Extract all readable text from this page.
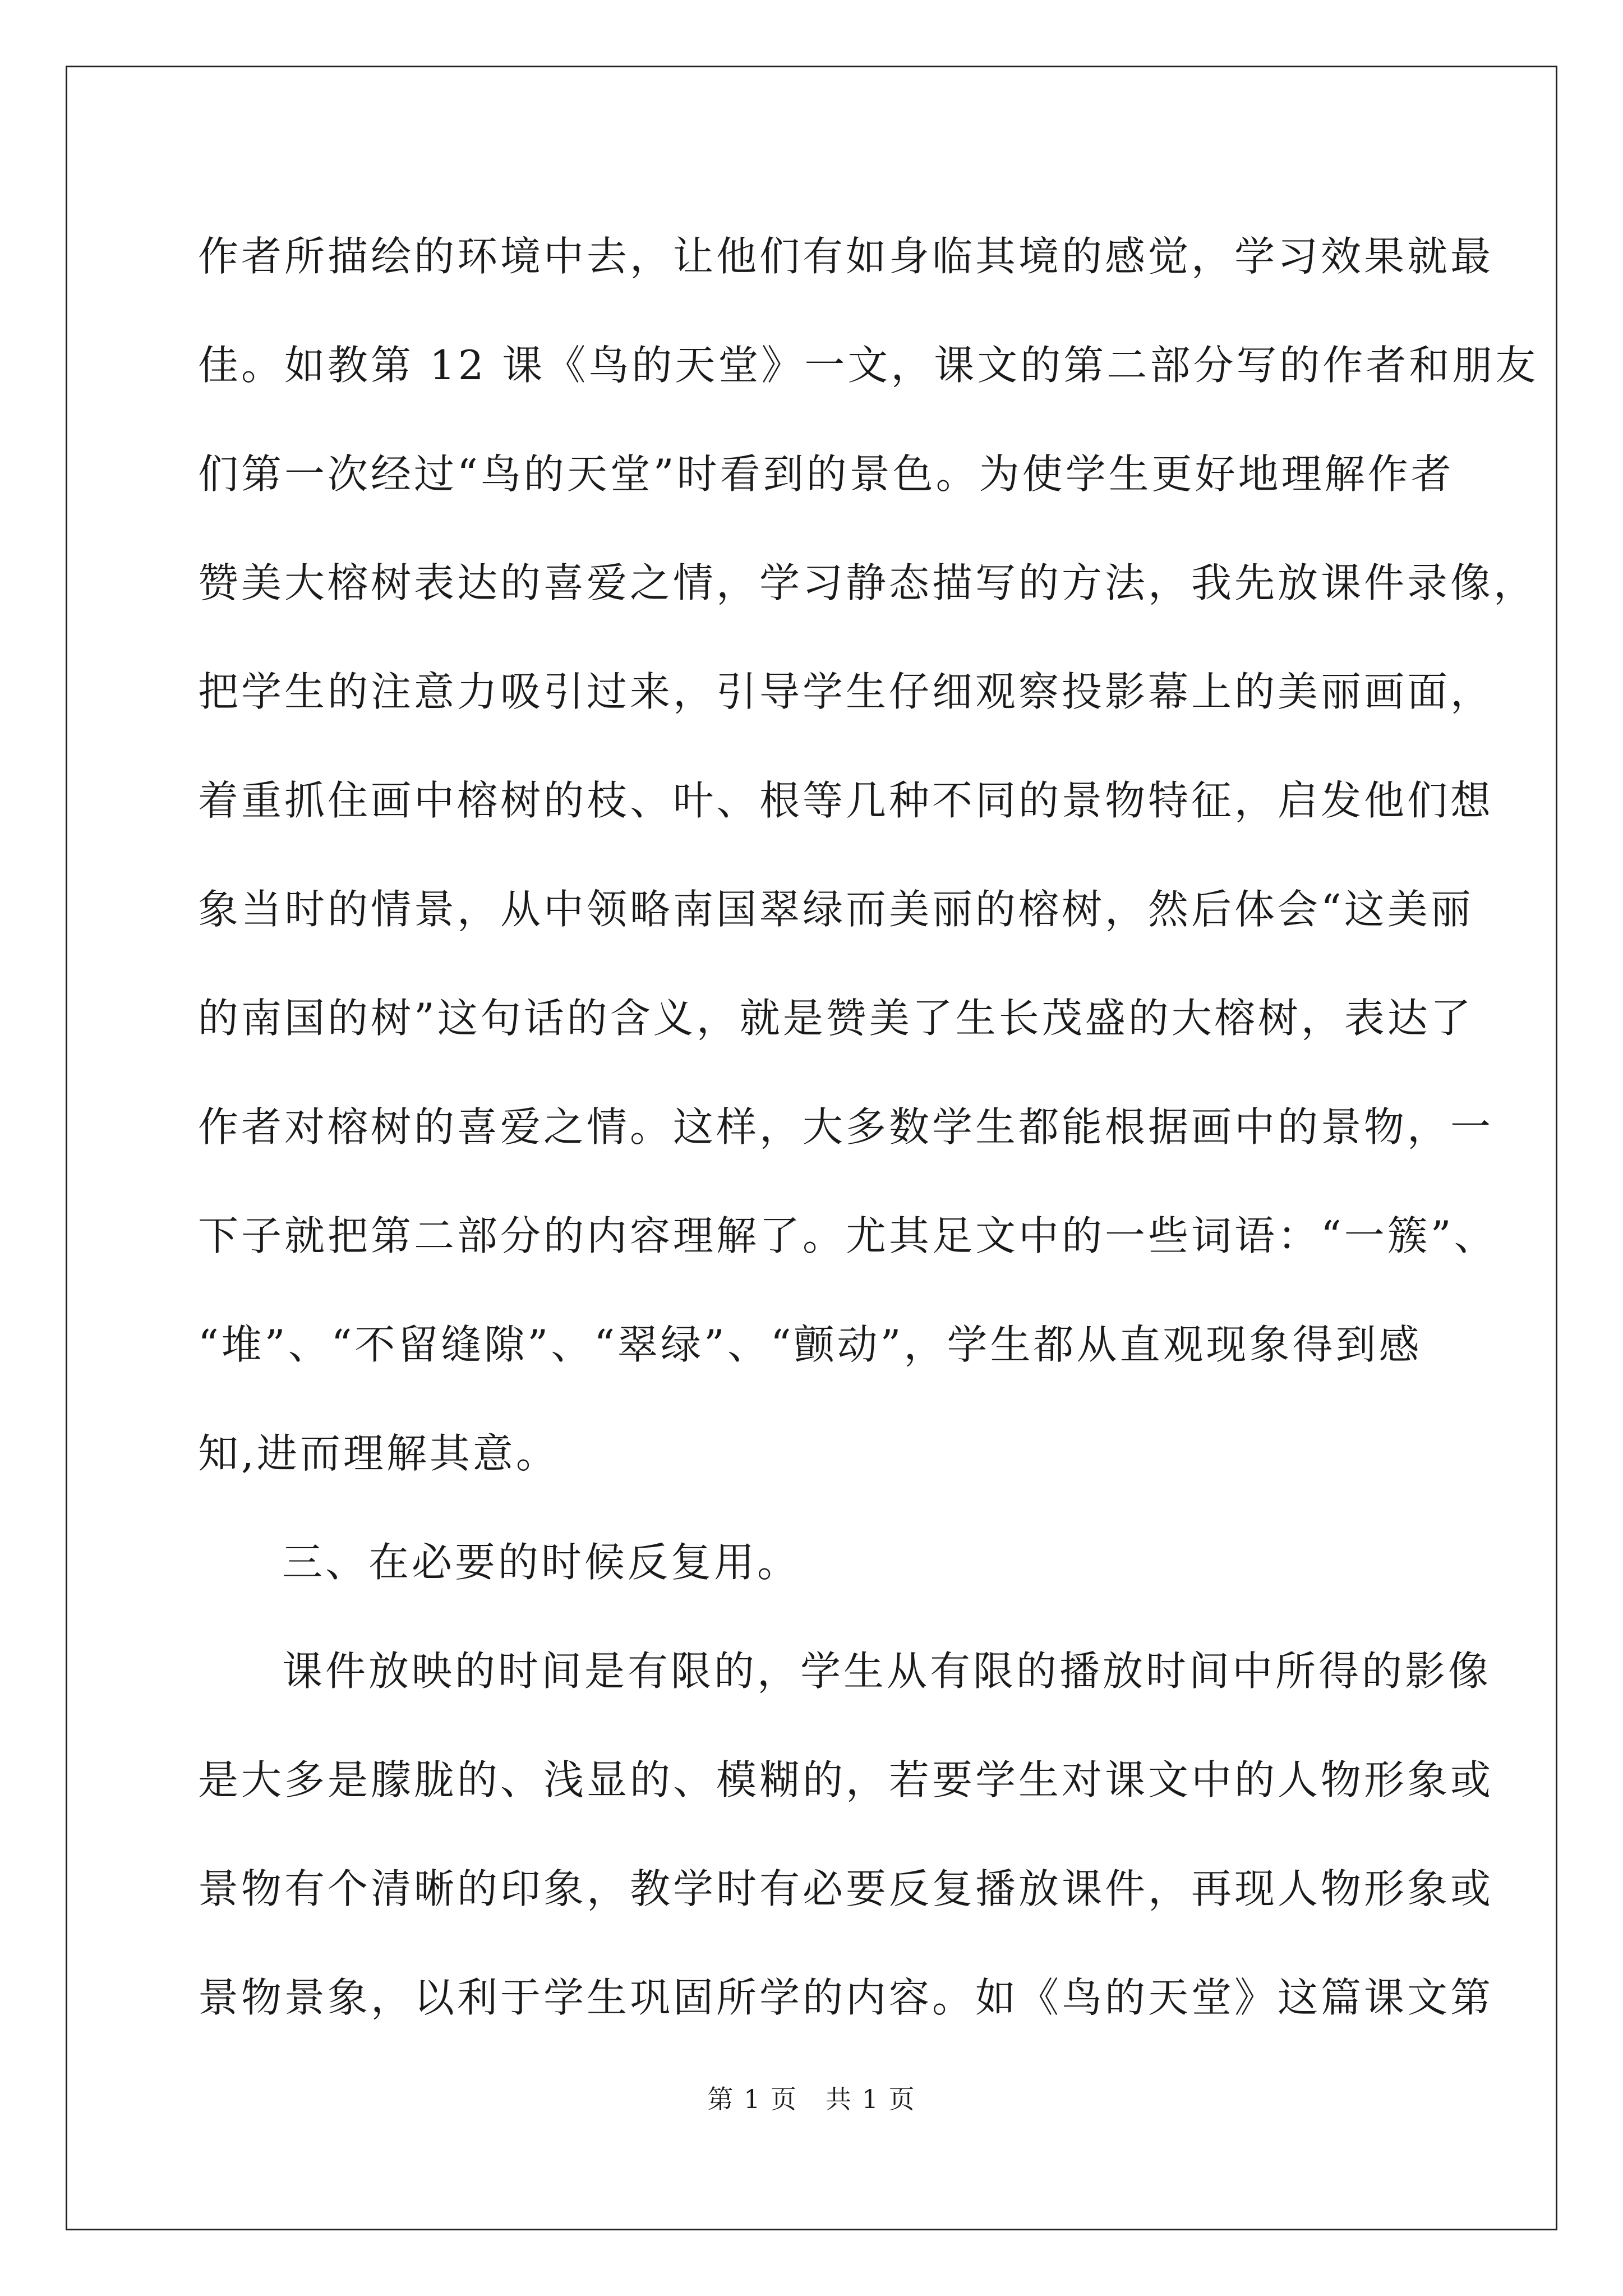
作者所描绘的环境中去，让他们有如身临其境的感觉，学习效果就最
佳。如教第 12 课《鸟的天堂》一文，课文的第二部分写的作者和朋友
们第一次经过“鸟的天堂”时看到的景色。为使学生更好地理解作者
赞美大榕树表达的喜爱之情，学习静态描写的方法，我先放课件录像，
把学生的注意力吸引过来，引导学生仔细观察投影幕上的美丽画面，
着重抓住画中榕树的枝、叶、根等几种不同的景物特征，启发他们想
象当时的情景，从中领略南国翠绿而美丽的榕树，然后体会“这美丽
的南国的树”这句话的含义，就是赞美了生长茂盛的大榕树，表达了
作者对榕树的喜爱之情。这样，大多数学生都能根据画中的景物，一
下子就把第二部分的内容理解了。尤其足文中的一些词语：“一簇”、
“堆”、“不留缝隙”、“翠绿”、“颤动”，学生都从直观现象得到感
知,进而理解其意。
三、在必要的时候反复用。
课件放映的时间是有限的，学生从有限的播放时间中所得的影像
是大多是朦胧的、浅显的、模糊的，若要学生对课文中的人物形象或
景物有个清晰的印象，教学时有必要反复播放课件，再现人物形象或
景物景象，以利于学生巩固所学的内容。如《鸟的天堂》这篇课文第
第 1 页 共 1 页
